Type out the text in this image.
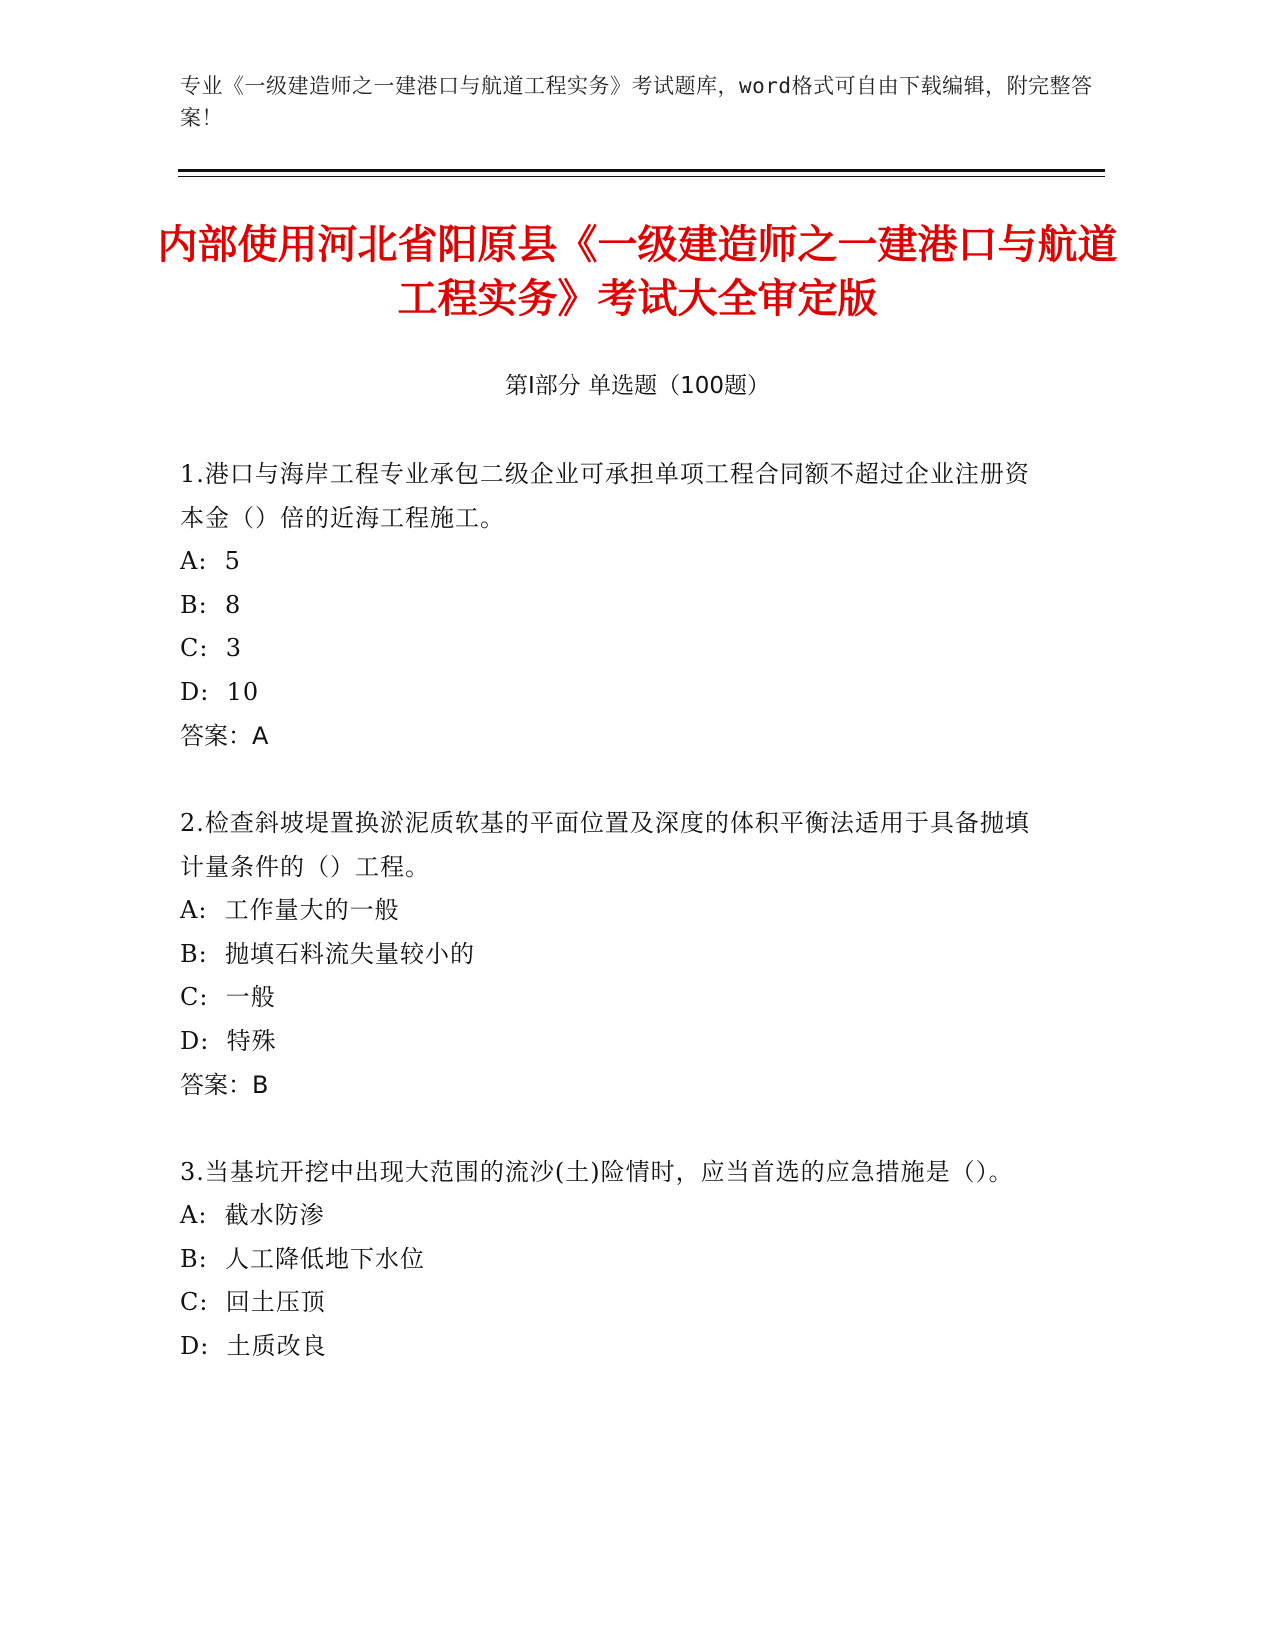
专业《一级建造师之一建港口与航道工程实务》考试题库，word格式可自由下载编辑，附完整答案！
内部使用河北省阳原县《一级建造师之一建港口与航道工程实务》考试大全审定版
第Ⅰ部分 单选题（100题）
1.港口与海岸工程专业承包二级企业可承担单项工程合同额不超过企业注册资本金（）倍的近海工程施工。
A:  5
B:  8
C:  3
D:  10
答案：A
2.检查斜坡堤置换淤泥质软基的平面位置及深度的体积平衡法适用于具备抛填计量条件的（）工程。
A:  工作量大的一般
B:  抛填石料流失量较小的
C:  一般
D:  特殊
答案：B
3.当基坑开挖中出现大范围的流沙(土)险情时，应当首选的应急措施是（）。
A:  截水防渗
B:  人工降低地下水位
C:  回土压顶
D:  土质改良
